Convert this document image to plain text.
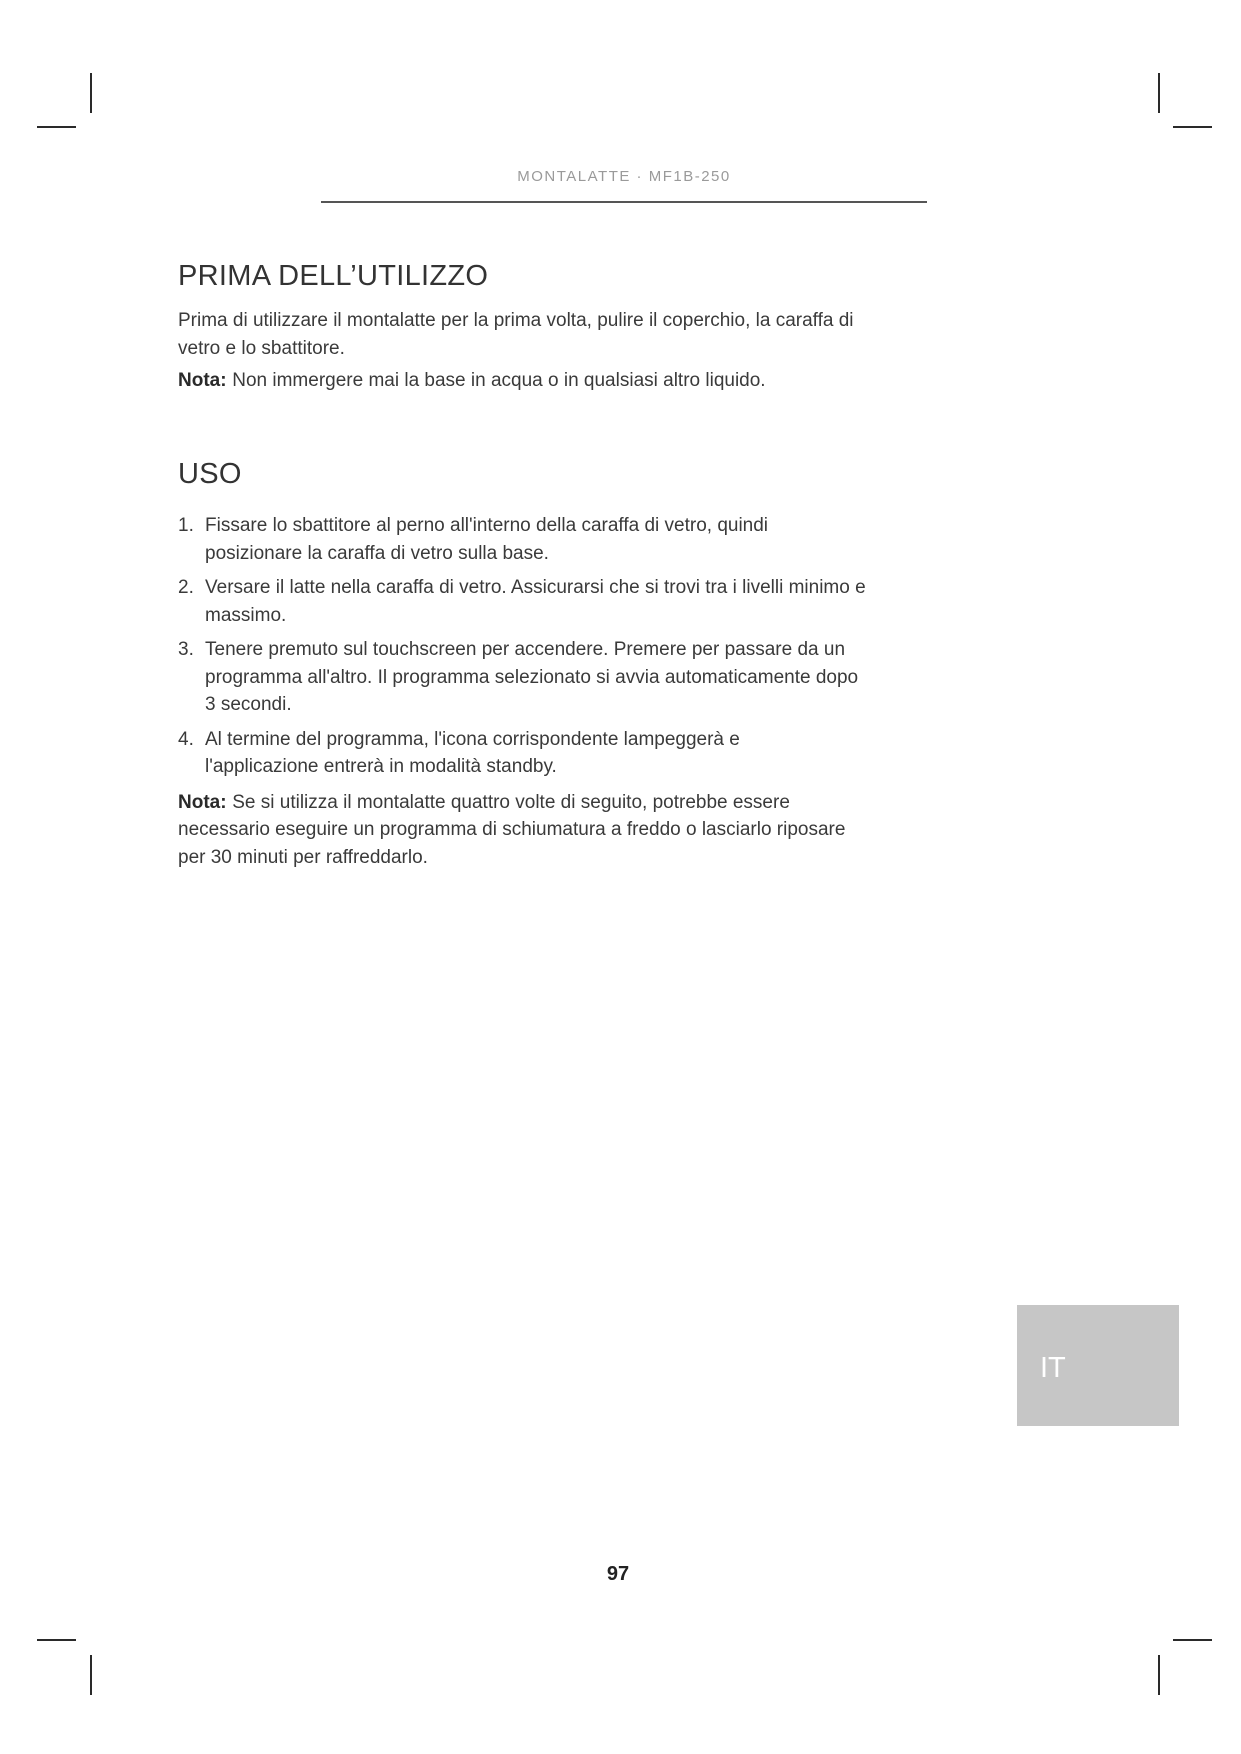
MONTALATTE · MF1B-250
PRIMA DELL’UTILIZZO
Prima di utilizzare il montalatte per la prima volta, pulire il coperchio, la caraffa di
vetro e lo sbattitore.
Nota: Non immergere mai la base in acqua o in qualsiasi altro liquido.
USO
1. Fissare lo sbattitore al perno all'interno della caraffa di vetro, quindi
posizionare la caraffa di vetro sulla base.
2. Versare il latte nella caraffa di vetro. Assicurarsi che si trovi tra i livelli minimo e
massimo.
3. Tenere premuto sul touchscreen per accendere. Premere per passare da un
programma all'altro. Il programma selezionato si avvia automaticamente dopo
3 secondi.
4. Al termine del programma, l'icona corrispondente lampeggerà e
l'applicazione entrerà in modalità standby.
Nota: Se si utilizza il montalatte quattro volte di seguito, potrebbe essere
necessario eseguire un programma di schiumatura a freddo o lasciarlo riposare
per 30 minuti per raffreddarlo.
IT
97
